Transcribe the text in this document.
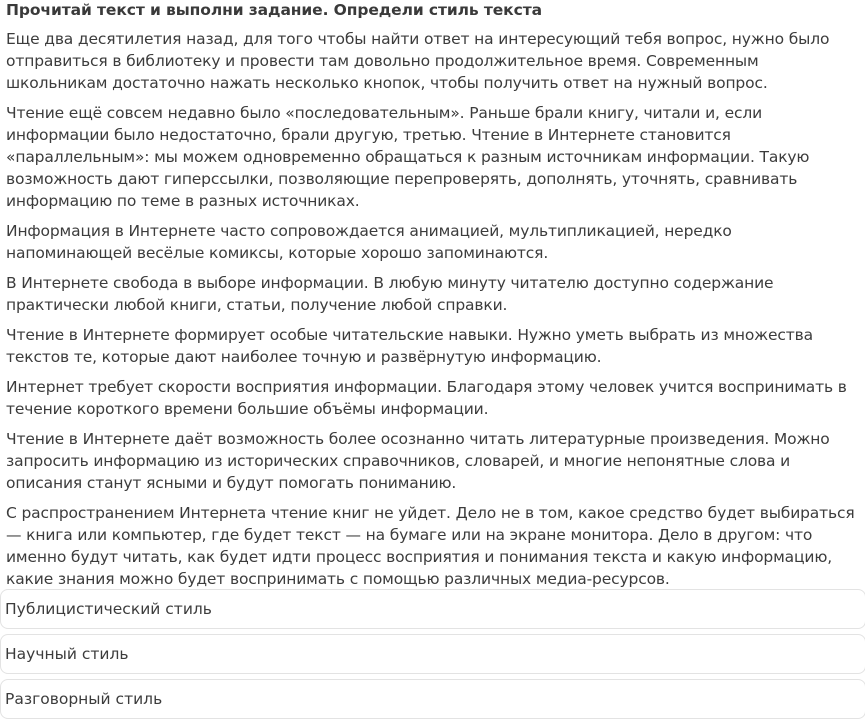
Прочитай текст и выполни задание. Определи стиль текста

Еще два десятилетия назад, для того чтобы найти ответ на интересующий тебя вопрос, нужно было отправиться в библиотеку и провести там довольно продолжительное время. Современным школьникам достаточно нажать несколько кнопок, чтобы получить ответ на нужный вопрос.

Чтение ещё совсем недавно было «последовательным». Раньше брали книгу, читали и, если информации было недостаточно, брали другую, третью. Чтение в Интернете становится «параллельным»: мы можем одновременно обращаться к разным источникам информации. Такую возможность дают гиперссылки, позволяющие перепроверять, дополнять, уточнять, сравнивать информацию по теме в разных источниках.

Информация в Интернете часто сопровождается анимацией, мультипликацией, нередко напоминающей весёлые комиксы, которые хорошо запоминаются.

В Интернете свобода в выборе информации. В любую минуту читателю доступно содержание практически любой книги, статьи, получение любой справки.

Чтение в Интернете формирует особые читательские навыки. Нужно уметь выбрать из множества текстов те, которые дают наиболее точную и развёрнутую информацию.

Интернет требует скорости восприятия информации. Благодаря этому человек учится воспринимать в течение короткого времени большие объёмы информации.

Чтение в Интернете даёт возможность более осознанно читать литературные произведения. Можно запросить информацию из исторических справочников, словарей, и многие непонятные слова и описания станут ясными и будут помогать пониманию.

С распространением Интернета чтение книг не уйдет. Дело не в том, какое средство будет выбираться — книга или компьютер, где будет текст — на бумаге или на экране монитора. Дело в другом: что именно будут читать, как будет идти процесс восприятия и понимания текста и какую информацию, какие знания можно будет воспринимать с помощью различных медиа-ресурсов.

Публицистический стиль
Научный стиль
Разговорный стиль
